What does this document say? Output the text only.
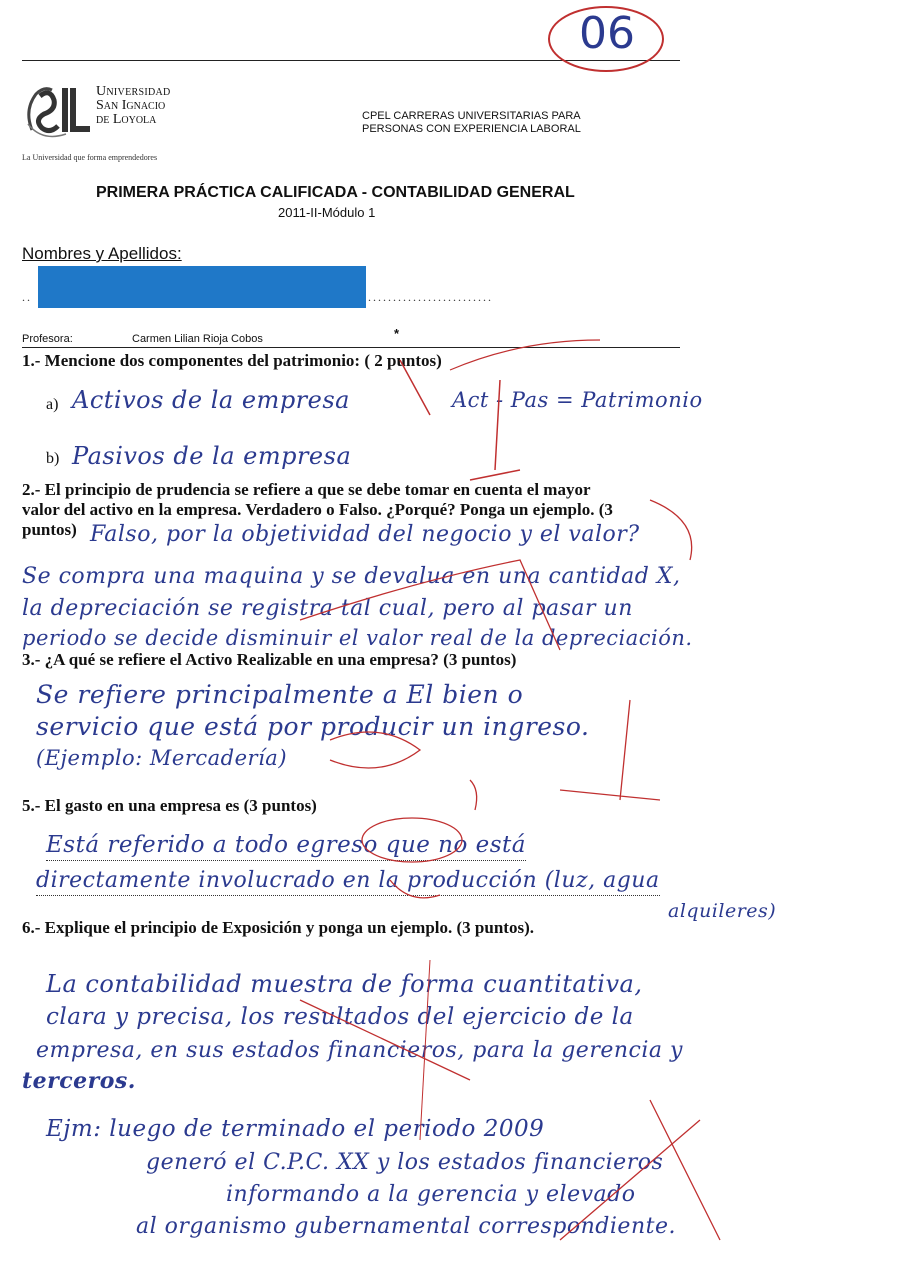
06
Universidad
San Ignacio
de Loyola
La Universidad que forma emprendedores
CPEL CARRERAS UNIVERSITARIAS PARA
PERSONAS CON EXPERIENCIA LABORAL
PRIMERA PRÁCTICA CALIFICADA - CONTABILIDAD GENERAL
2011-II-Módulo 1
Nombres y Apellidos:
..	.........................
Profesora:	Carmen Lilian Rioja Cobos	*
1.- Mencione dos componentes del patrimonio: ( 2 puntos)
a) Activos de la empresa
b) Pasivos de la empresa
Act - Pas = Patrimonio
2.- El principio de prudencia se refiere a que se debe tomar en cuenta el mayor
valor del activo en la empresa. Verdadero o Falso. ¿Porqué? Ponga un ejemplo. (3
puntos) Falso, por la objetividad del negocio y el valor?
Se compra una maquina y se devalua en una cantidad X,
la depreciación se registra tal cual, pero al pasar un
periodo se decide disminuir el valor real de la depreciación.
3.- ¿A qué se refiere el Activo Realizable en una empresa? (3 puntos)
Se refiere principalmente a El bien o
servicio que está por producir un ingreso.
(Ejemplo: Mercadería)
5.- El gasto en una empresa es (3 puntos)
Está referido a todo egreso que no está
directamente involucrado en la producción (luz, agua
alquileres)
6.- Explique el principio de Exposición y ponga un ejemplo. (3 puntos).
La contabilidad muestra de forma cuantitativa,
clara y precisa, los resultados del ejercicio de la
empresa, en sus estados financieros, para la gerencia y
terceros.
Ejm: luego de terminado el periodo 2009
generó el C.P.C. XX y los estados financieros
informando a la gerencia y elevado
al organismo gubernamental correspondiente.
